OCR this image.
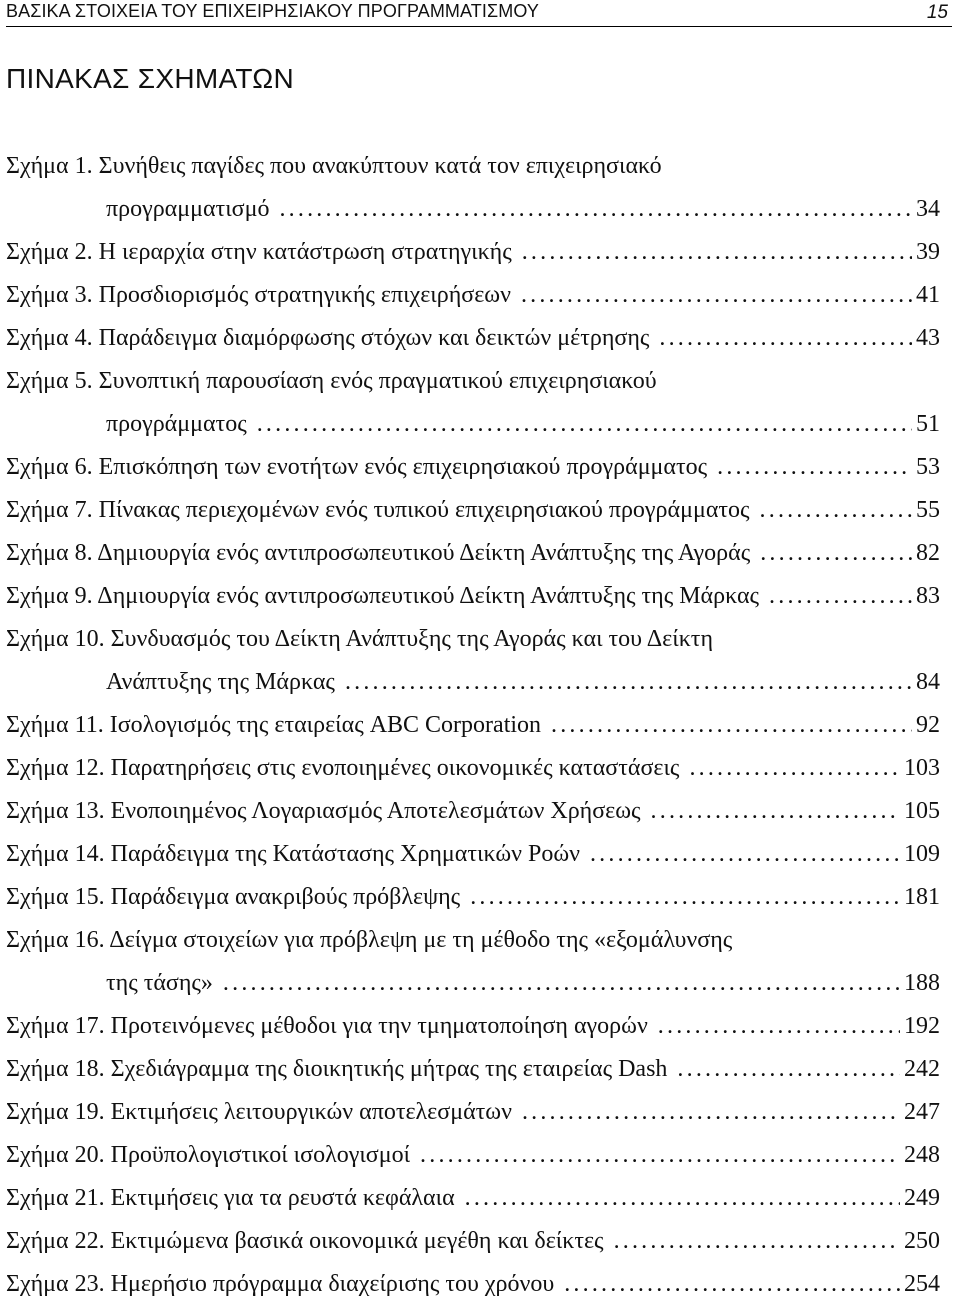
ΒΑΣΙΚΑ ΣΤΟΙΧΕΙΑ ΤΟΥ ΕΠΙΧΕΙΡΗΣΙΑΚΟΥ ΠΡΟΓΡΑΜΜΑΤΙΣΜΟΥ	15
ΠΙΝΑΚΑΣ ΣΧΗΜΑΤΩΝ
Σχήμα 1. Συνήθεις παγίδες που ανακύπτουν κατά τον επιχειρησιακό
προγραμματισμό .....	34
Σχήμα 2. Η ιεραρχία στην κατάστρωση στρατηγικής .....	39
Σχήμα 3. Προσδιορισμός στρατηγικής επιχειρήσεων .....	41
Σχήμα 4. Παράδειγμα διαμόρφωσης στόχων και δεικτών μέτρησης .....	43
Σχήμα 5. Συνοπτική παρουσίαση ενός πραγματικού επιχειρησιακού
προγράμματος .....	51
Σχήμα 6. Επισκόπηση των ενοτήτων ενός επιχειρησιακού προγράμματος .....	53
Σχήμα 7. Πίνακας περιεχομένων ενός τυπικού επιχειρησιακού προγράμματος .....	55
Σχήμα 8. Δημιουργία ενός αντιπροσωπευτικού Δείκτη Ανάπτυξης της Αγοράς .....	82
Σχήμα 9. Δημιουργία ενός αντιπροσωπευτικού Δείκτη Ανάπτυξης της Μάρκας .....	83
Σχήμα 10. Συνδυασμός του Δείκτη Ανάπτυξης της Αγοράς και του Δείκτη
Ανάπτυξης της Μάρκας .....	84
Σχήμα 11. Ισολογισμός της εταιρείας ABC Corporation .....	92
Σχήμα 12. Παρατηρήσεις στις ενοποιημένες οικονομικές καταστάσεις .....	103
Σχήμα 13. Ενοποιημένος Λογαριασμός Αποτελεσμάτων Χρήσεως .....	105
Σχήμα 14. Παράδειγμα της Κατάστασης Χρηματικών Ροών .....	109
Σχήμα 15. Παράδειγμα ανακριβούς πρόβλεψης .....	181
Σχήμα 16. Δείγμα στοιχείων για πρόβλεψη με τη μέθοδο της «εξομάλυνσης
της τάσης» .....	188
Σχήμα 17. Προτεινόμενες μέθοδοι για την τμηματοποίηση αγορών .....	192
Σχήμα 18. Σχεδιάγραμμα της διοικητικής μήτρας της εταιρείας Dash .....	242
Σχήμα 19. Εκτιμήσεις λειτουργικών αποτελεσμάτων .....	247
Σχήμα 20. Προϋπολογιστικοί ισολογισμοί .....	248
Σχήμα 21. Εκτιμήσεις για τα ρευστά κεφάλαια .....	249
Σχήμα 22. Εκτιμώμενα βασικά οικονομικά μεγέθη και δείκτες .....	250
Σχήμα 23. Ημερήσιο πρόγραμμα διαχείρισης του χρόνου .....	254
